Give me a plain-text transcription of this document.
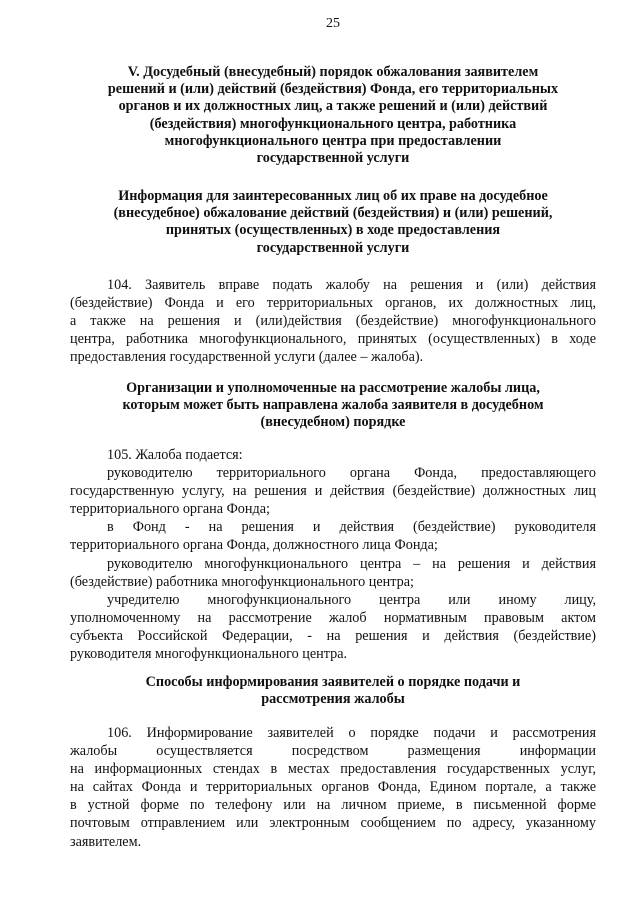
25
V. Досудебный (внесудебный) порядок обжалования заявителем
решений и (или) действий (бездействия) Фонда, его территориальных
органов и их должностных лиц, а также решений и (или) действий
(бездействия) многофункционального центра, работника
многофункционального центра при предоставлении
государственной услуги
Информация для заинтересованных лиц об их праве на досудебное
(внесудебное) обжалование действий (бездействия) и (или) решений,
принятых (осуществленных) в ходе предоставления
государственной услуги
104. Заявитель вправе подать жалобу на решения и (или) действия
(бездействие) Фонда и его территориальных органов, их должностных лиц,
а также на решения и (или)действия (бездействие) многофункционального
центра, работника многофункционального, принятых (осуществленных) в ходе
предоставления государственной услуги (далее – жалоба).
Организации и уполномоченные на рассмотрение жалобы лица,
которым может быть направлена жалоба заявителя в досудебном
(внесудебном) порядке
105. Жалоба подается:
руководителю территориального органа Фонда, предоставляющего
государственную услугу, на решения и действия (бездействие) должностных лиц
территориального органа Фонда;
в Фонд - на решения и действия (бездействие) руководителя
территориального органа Фонда, должностного лица Фонда;
руководителю многофункционального центра – на решения и действия
(бездействие) работника многофункционального центра;
учредителю многофункционального центра или иному лицу,
уполномоченному на рассмотрение жалоб нормативным правовым актом
субъекта Российской Федерации, - на решения и действия (бездействие)
руководителя многофункционального центра.
Способы информирования заявителей о порядке подачи и
рассмотрения жалобы
106. Информирование заявителей о порядке подачи и рассмотрения
жалобы осуществляется посредством размещения информации
на информационных стендах в местах предоставления государственных услуг,
на сайтах Фонда и территориальных органов Фонда, Едином портале, а также
в устной форме по телефону или на личном приеме, в письменной форме
почтовым отправлением или электронным сообщением по адресу, указанному
заявителем.
